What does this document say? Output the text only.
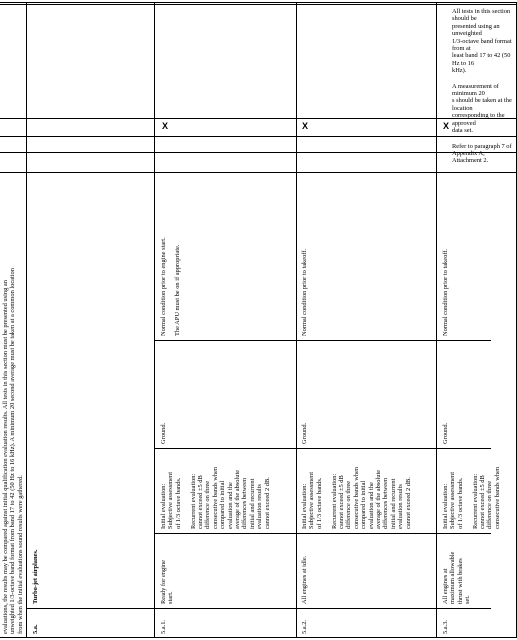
evaluations, the results may be compared against initial qualification evaluation results. All tests in this section must be presented using an unweighted 1/3-octave band format from band 17 to 42 (50 Hz to 16 kHz). A minimum 20 second average must be taken at a common location from when the initial evaluations sound results were gathered. 5.a.
Turbo-jet airplanes.
All tests in this section should be
presented using an unweighted
1/3-octave band format from at
least band 17 to 42 (50 Hz to 16
kHz).
A measurement of minimum 20
s should be taken at the location
corresponding to the approved
data set.
Refer to paragraph 7 of
Appendix A, Attachment 2.
5.a.1.
Ready for engine start.
Initial evaluation: Subjective assessment of 1/3 octave bands.
Recurrent evaluation: cannot exceed ±5 dB difference on three consecutive bands when compared to initial evaluation and the average of the absolute differences between initial and recurrent evaluation results cannot exceed 2 dB.
Ground.
Normal condition prior to engine start. The APU must be on if appropriate.
X
5.a.2.
All engines at idle.
Initial evaluation: Subjective assessment of 1/3 octave bands.
Recurrent evaluation: cannot exceed ±5 dB difference on three consecutive bands when compared to initial evaluation and the average of the absolute differences between initial and recurrent evaluation results cannot exceed 2 dB.
Ground.
Normal condition prior to takeoff.
X
5.a.3.
All engines at maximum allowable thrust with brakes set.
Initial evaluation: Subjective assessment of 1/3 octave bands.
Recurrent evaluation: cannot exceed ±5 dB difference on three consecutive bands when
Ground.
Normal condition prior to takeoff.
X
